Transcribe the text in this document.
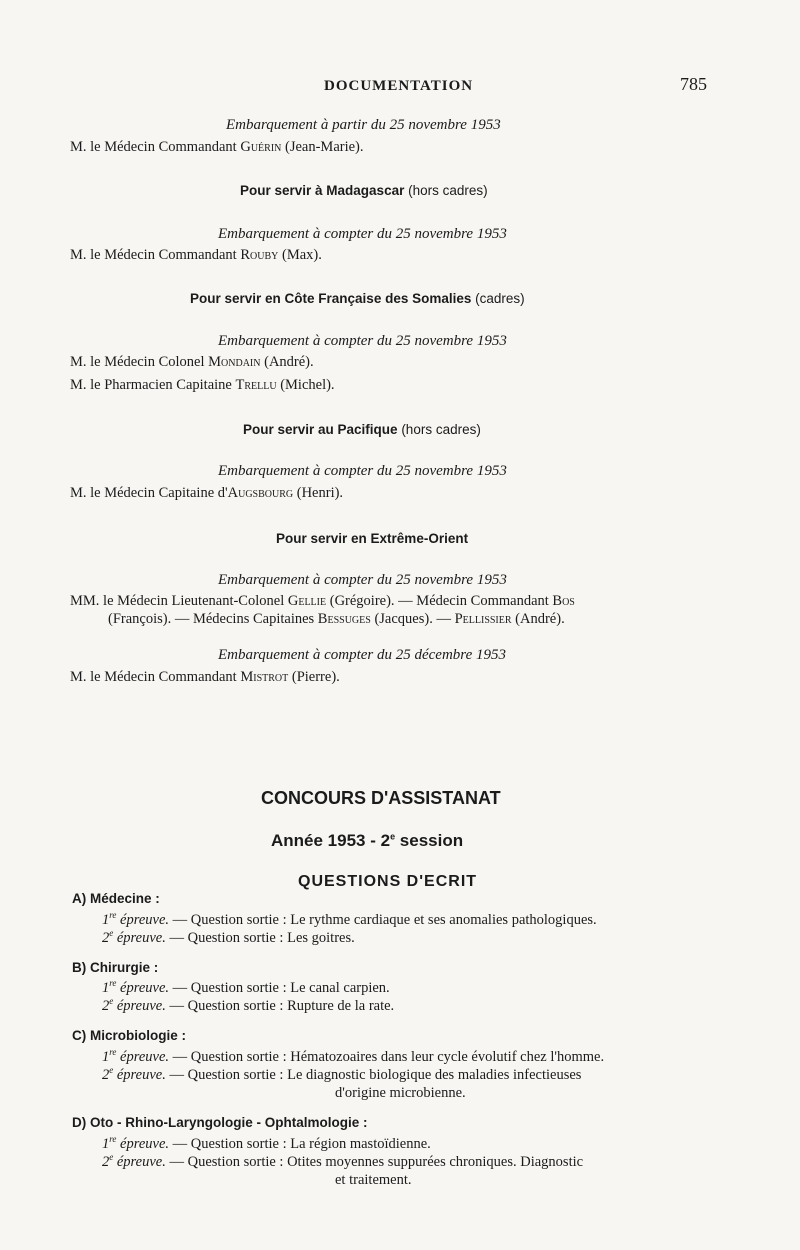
DOCUMENTATION	785
Embarquement à partir du 25 novembre 1953
M. le Médecin Commandant Guérin (Jean-Marie).
Pour servir à Madagascar (hors cadres)
Embarquement à compter du 25 novembre 1953
M. le Médecin Commandant Rouby (Max).
Pour servir en Côte Française des Somalies (cadres)
Embarquement à compter du 25 novembre 1953
M. le Médecin Colonel Mondain (André).
M. le Pharmacien Capitaine Trellu (Michel).
Pour servir au Pacifique (hors cadres)
Embarquement à compter du 25 novembre 1953
M. le Médecin Capitaine d'Augsbourg (Henri).
Pour servir en Extrême-Orient
Embarquement à compter du 25 novembre 1953
MM. le Médecin Lieutenant-Colonel Gellie (Grégoire). — Médecin Commandant Bos
(François). — Médecins Capitaines Bessuges (Jacques). — Pellissier (André).
Embarquement à compter du 25 décembre 1953
M. le Médecin Commandant Mistrot (Pierre).
CONCOURS D'ASSISTANAT
Année 1953 - 2e session
QUESTIONS D'ECRIT
A) Médecine :
1re épreuve. — Question sortie : Le rythme cardiaque et ses anomalies pathologiques.
2e épreuve. — Question sortie : Les goitres.
B) Chirurgie :
1re épreuve. — Question sortie : Le canal carpien.
2e épreuve. — Question sortie : Rupture de la rate.
C) Microbiologie :
1re épreuve. — Question sortie : Hématozoaires dans leur cycle évolutif chez l'homme.
2e épreuve. — Question sortie : Le diagnostic biologique des maladies infectieuses
d'origine microbienne.
D) Oto - Rhino-Laryngologie - Ophtalmologie :
1re épreuve. — Question sortie : La région mastoïdienne.
2e épreuve. — Question sortie : Otites moyennes suppurées chroniques. Diagnostic
et traitement.
